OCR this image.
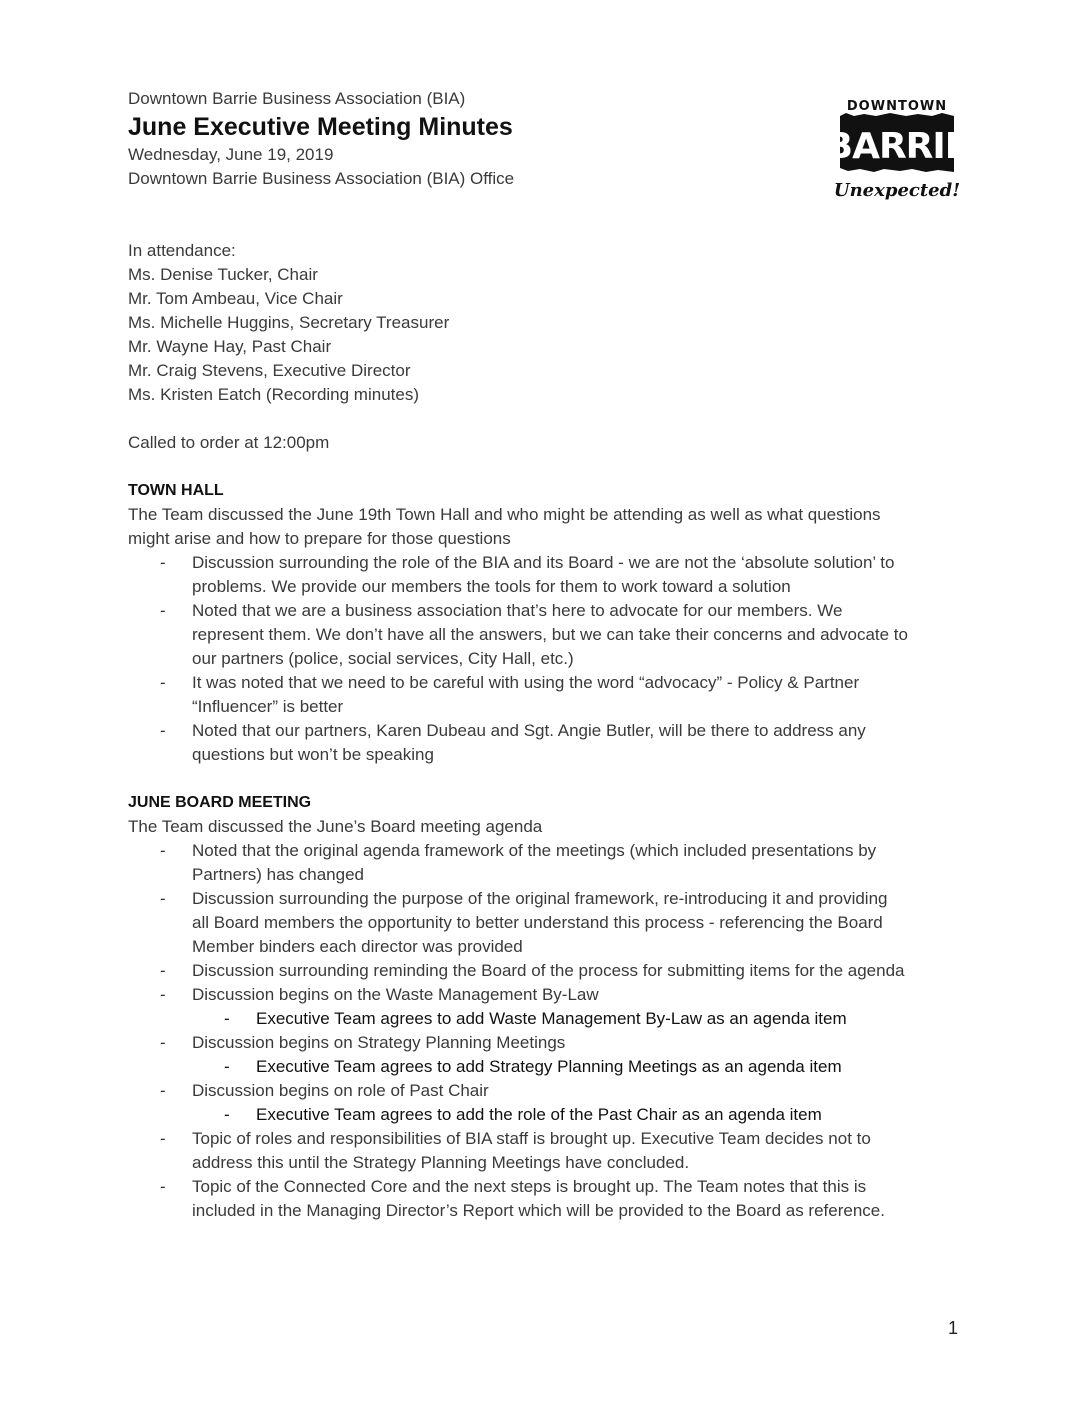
DOWNTOWN
BARRIE
Unexpected!
Downtown Barrie Business Association (BIA)
June Executive Meeting Minutes
Wednesday, June 19, 2019
Downtown Barrie Business Association (BIA) Office
In attendance:
Ms. Denise Tucker, Chair
Mr. Tom Ambeau, Vice Chair
Ms. Michelle Huggins, Secretary Treasurer
Mr. Wayne Hay, Past Chair
Mr. Craig Stevens, Executive Director
Ms. Kristen Eatch (Recording minutes)
Called to order at 12:00pm
TOWN HALL
The Team discussed the June 19th Town Hall and who might be attending as well as what questions
might arise and how to prepare for those questions
- Discussion surrounding the role of the BIA and its Board - we are not the ‘absolute solution’ to
problems. We provide our members the tools for them to work toward a solution
- Noted that we are a business association that’s here to advocate for our members. We
represent them. We don’t have all the answers, but we can take their concerns and advocate to
our partners (police, social services, City Hall, etc.)
- It was noted that we need to be careful with using the word “advocacy” - Policy & Partner
“Influencer” is better
- Noted that our partners, Karen Dubeau and Sgt. Angie Butler, will be there to address any
questions but won’t be speaking
JUNE BOARD MEETING
The Team discussed the June’s Board meeting agenda
- Noted that the original agenda framework of the meetings (which included presentations by
Partners) has changed
- Discussion surrounding the purpose of the original framework, re-introducing it and providing
all Board members the opportunity to better understand this process - referencing the Board
Member binders each director was provided
- Discussion surrounding reminding the Board of the process for submitting items for the agenda
- Discussion begins on the Waste Management By-Law
- Executive Team agrees to add Waste Management By-Law as an agenda item
- Discussion begins on Strategy Planning Meetings
- Executive Team agrees to add Strategy Planning Meetings as an agenda item
- Discussion begins on role of Past Chair
- Executive Team agrees to add the role of the Past Chair as an agenda item
- Topic of roles and responsibilities of BIA staff is brought up. Executive Team decides not to
address this until the Strategy Planning Meetings have concluded.
- Topic of the Connected Core and the next steps is brought up. The Team notes that this is
included in the Managing Director’s Report which will be provided to the Board as reference.
1
